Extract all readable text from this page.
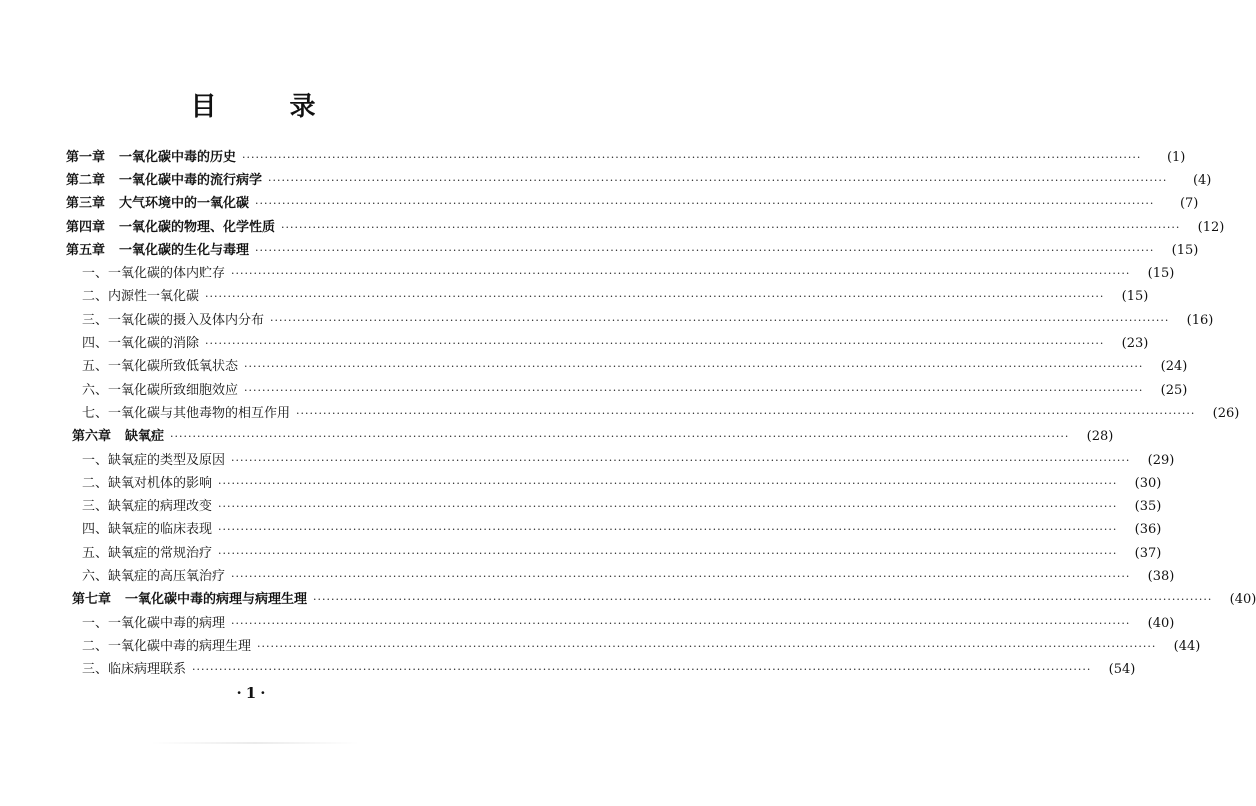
目 录
第一章 一氧化碳中毒的历史 ········································································································································································································	(1)
第二章 一氧化碳中毒的流行病学 ········································································································································································································	(4)
第三章 大气环境中的一氧化碳 ········································································································································································································	(7)
第四章 一氧化碳的物理、化学性质 ········································································································································································································	(12)
第五章 一氧化碳的生化与毒理 ········································································································································································································	(15)
一、 一氧化碳的体内贮存 ········································································································································································································	(15)
二、 内源性一氧化碳 ········································································································································································································	(15)
三、 一氧化碳的摄入及体内分布 ········································································································································································································	(16)
四、 一氧化碳的消除 ········································································································································································································	(23)
五、 一氧化碳所致低氧状态 ········································································································································································································	(24)
六、 一氧化碳所致细胞效应 ········································································································································································································	(25)
七、 一氧化碳与其他毒物的相互作用 ········································································································································································································	(26)
第六章 缺氧症 ········································································································································································································	(28)
一、 缺氧症的类型及原因 ········································································································································································································	(29)
二、 缺氧对机体的影响 ········································································································································································································	(30)
三、 缺氧症的病理改变 ········································································································································································································	(35)
四、 缺氧症的临床表现 ········································································································································································································	(36)
五、 缺氧症的常规治疗 ········································································································································································································	(37)
六、 缺氧症的高压氧治疗 ········································································································································································································	(38)
第七章 一氧化碳中毒的病理与病理生理 ········································································································································································································	(40)
一、 一氧化碳中毒的病理 ········································································································································································································	(40)
二、 一氧化碳中毒的病理生理 ········································································································································································································	(44)
三、 临床病理联系 ········································································································································································································	(54)
·1·
